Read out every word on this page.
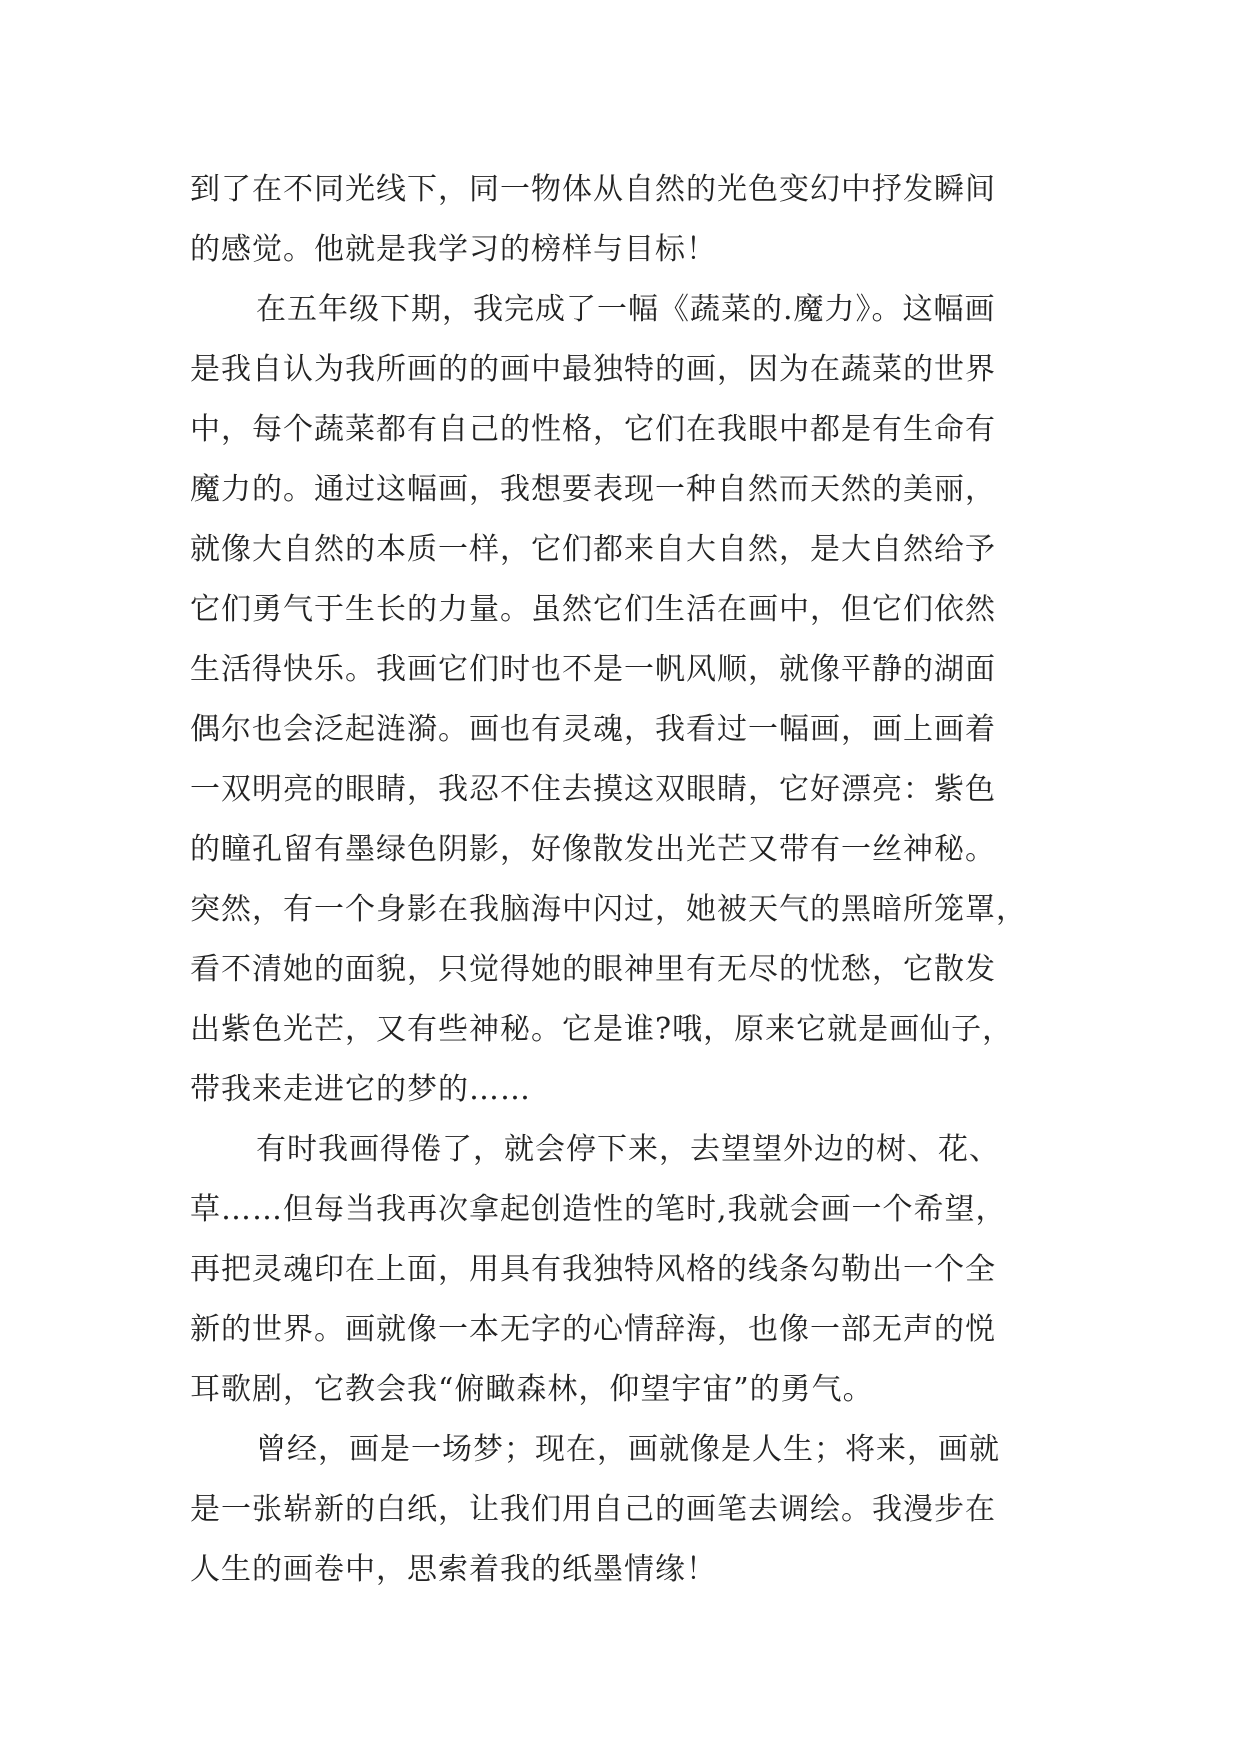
到了在不同光线下，同一物体从自然的光色变幻中抒发瞬间
的感觉。他就是我学习的榜样与目标！
在五年级下期，我完成了一幅《蔬菜的.魔力》。这幅画
是我自认为我所画的的画中最独特的画，因为在蔬菜的世界
中，每个蔬菜都有自己的性格，它们在我眼中都是有生命有
魔力的。通过这幅画，我想要表现一种自然而天然的美丽，
就像大自然的本质一样，它们都来自大自然，是大自然给予
它们勇气于生长的力量。虽然它们生活在画中，但它们依然
生活得快乐。我画它们时也不是一帆风顺，就像平静的湖面
偶尔也会泛起涟漪。画也有灵魂，我看过一幅画，画上画着
一双明亮的眼睛，我忍不住去摸这双眼睛，它好漂亮：紫色
的瞳孔留有墨绿色阴影，好像散发出光芒又带有一丝神秘。
突然，有一个身影在我脑海中闪过，她被天气的黑暗所笼罩，
看不清她的面貌，只觉得她的眼神里有无尽的忧愁，它散发
出紫色光芒，又有些神秘。它是谁?哦，原来它就是画仙子，
带我来走进它的梦的……
有时我画得倦了，就会停下来，去望望外边的树、花、
草……但每当我再次拿起创造性的笔时,我就会画一个希望，
再把灵魂印在上面，用具有我独特风格的线条勾勒出一个全
新的世界。画就像一本无字的心情辞海，也像一部无声的悦
耳歌剧，它教会我“俯瞰森林，仰望宇宙”的勇气。
曾经，画是一场梦；现在，画就像是人生；将来，画就
是一张崭新的白纸，让我们用自己的画笔去调绘。我漫步在
人生的画卷中，思索着我的纸墨情缘！
